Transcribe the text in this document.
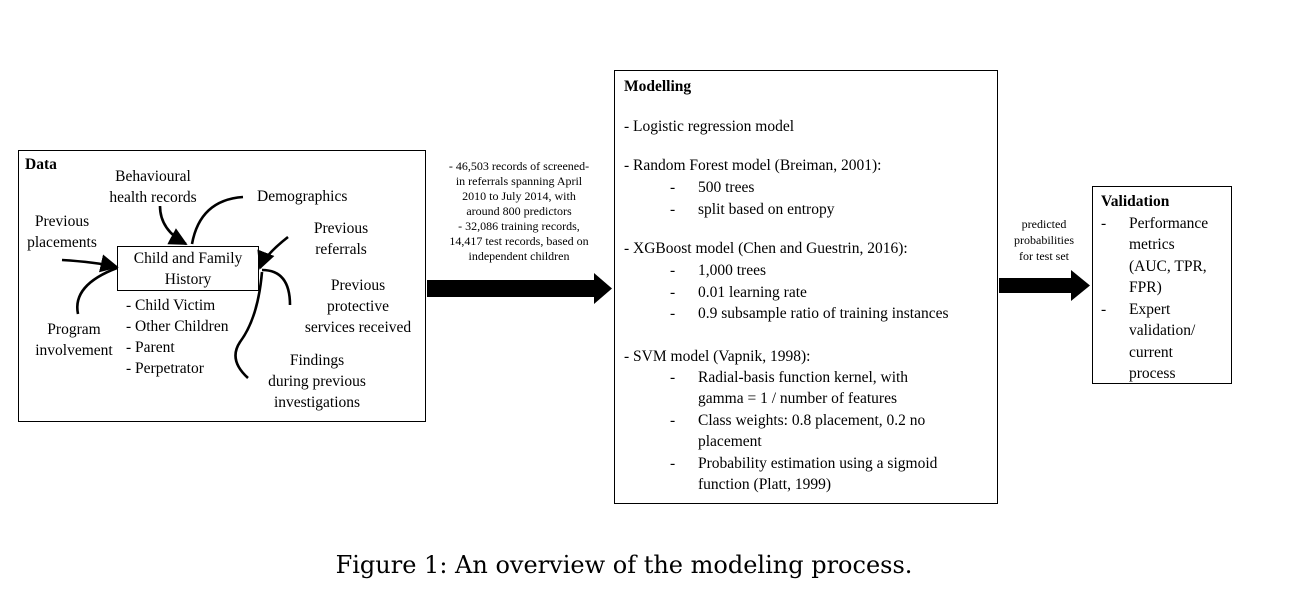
Data
Child and Family
History
Behavioural
health records	Demographics
Previous
placements
Previous
referrals
Previous
protective
services received
Program
involvement
Findings
during previous
investigations
- Child Victim
- Other Children
- Parent
- Perpetrator
- 46,503 records of screened-
in referrals spanning April
2010 to July 2014, with
around 800 predictors
- 32,086 training records,
14,417 test records, based on
independent children
Modelling
- Logistic regression model
- Random Forest model (Breiman, 2001):
- 500 trees
- split based on entropy
- XGBoost model (Chen and Guestrin, 2016):
- 1,000 trees
- 0.01 learning rate
- 0.9 subsample ratio of training instances
- SVM model (Vapnik, 1998):
- Radial-basis function kernel, with
gamma = 1 / number of features
- Class weights: 0.8 placement, 0.2 no
placement
- Probability estimation using a sigmoid
function (Platt, 1999)
predicted
probabilities
for test set
Validation
- Performance
metrics
(AUC, TPR,
FPR)
- Expert
validation/
current
process
Figure 1: An overview of the modeling process.
